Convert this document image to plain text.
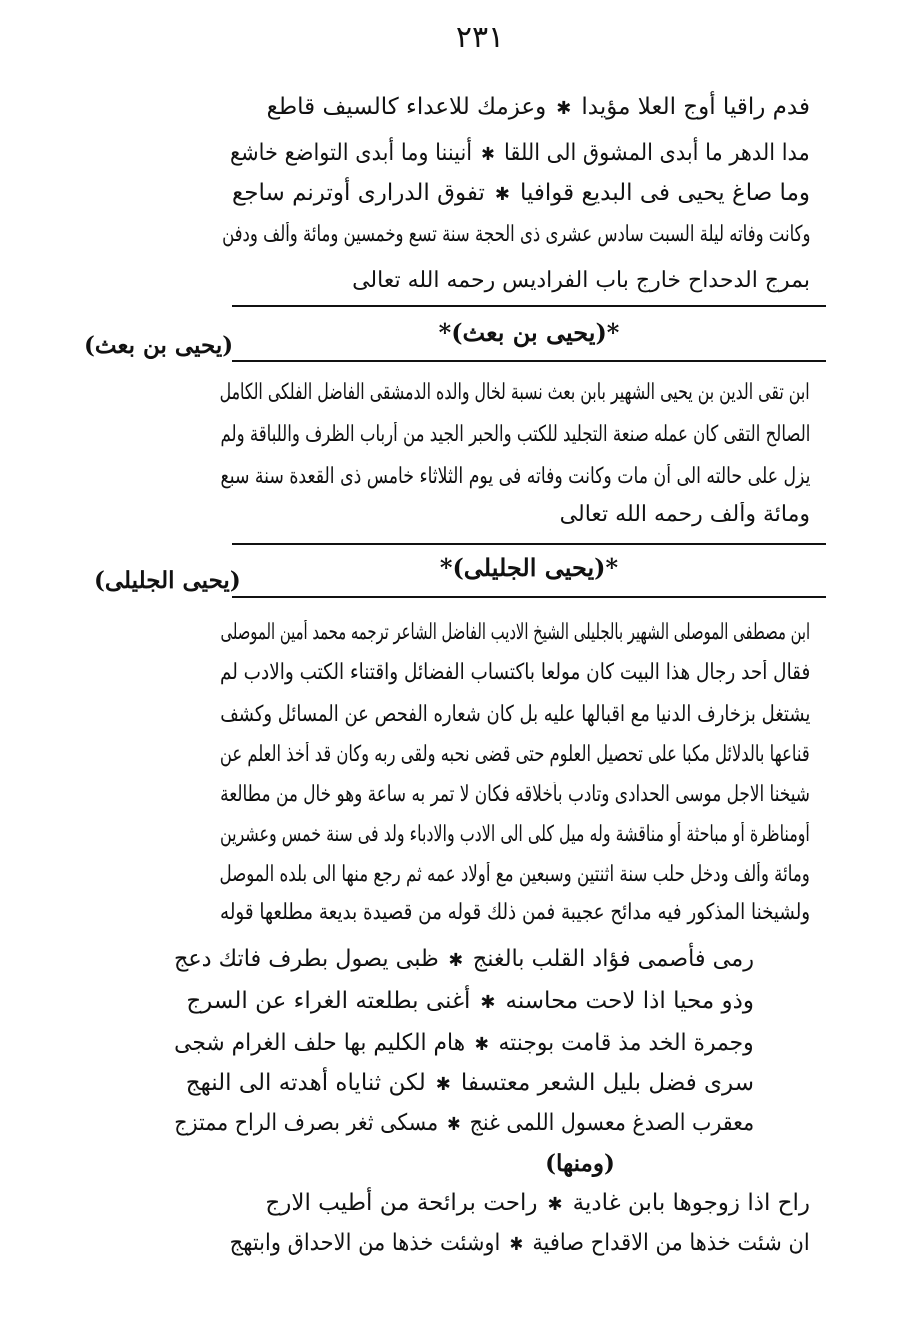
٢٣١
فدم راقيا أوج العلا مؤيدا
✱
وعزمك للاعداء كالسيف قاطع
مدا الدهر ما أبدى المشوق الى اللقا
✱
أنيننا وما أبدى التواضع خاشع
وما صاغ يحيى فى البديع قوافيا
✱
تفوق الدرارى أوترنم ساجع
وكانت وفاته ليلة السبت سادس عشرى ذى الحجة سنة تسع وخمسين ومائة وألف ودفن
بمرج الدحداح خارج باب الفراديس رحمه الله تعالى
*(يحيى بن بعث)*
(يحيى بن بعث)
ابن تقى الدين بن يحيى الشهير بابن بعث نسبة لخال والده الدمشقى الفاضل الفلكى الكامل
الصالح التقى كان عمله صنعة التجليد للكتب والحبر الجيد من أرباب الظرف واللباقة ولم
يزل على حالته الى أن مات وكانت وفاته فى يوم الثلاثاء خامس ذى القعدة سنة سبع
ومائة وألف رحمه الله تعالى
*(يحيى الجليلى)*
(يحيى الجليلى)
ابن مصطفى الموصلى الشهير بالجليلى الشيخ الاديب الفاضل الشاعر ترجمه محمد أمين الموصلى
فقال أحد رجال هذا البيت كان مولعا باكتساب الفضائل واقتناء الكتب والادب لم
يشتغل بزخارف الدنيا مع اقبالها عليه بل كان شعاره الفحص عن المسائل وكشف
قناعها بالدلائل مكبا على تحصيل العلوم حتى قضى نحبه ولقى ربه وكان قد أخذ العلم عن
شيخنا الاجل موسى الحدادى وتادب بأخلاقه فكان لا تمر به ساعة وهو خال من مطالعة
أومناظرة أو مباحثة أو مناقشة وله ميل كلى الى الادب والادباء ولد فى سنة خمس وعشرين
ومائة وألف ودخل حلب سنة اثنتين وسبعين مع أولاد عمه ثم رجع منها الى بلده الموصل
ولشيخنا المذكور فيه مدائح عجيبة فمن ذلك قوله من قصيدة بديعة مطلعها قوله
رمى فأصمى فؤاد القلب بالغنج
✱
ظبى يصول بطرف فاتك دعج
وذو محيا اذا لاحت محاسنه
✱
أغنى بطلعته الغراء عن السرج
وجمرة الخد مذ قامت بوجنته
✱
هام الكليم بها حلف الغرام شجى
سرى فضل بليل الشعر معتسفا
✱
لكن ثناياه أهدته الى النهج
معقرب الصدغ معسول اللمى غنج
✱
مسكى ثغر بصرف الراح ممتزج
(ومنها)
راح اذا زوجوها بابن غادية
✱
راحت برائحة من أطيب الارج
ان شئت خذها من الاقداح صافية
✱
اوشئت خذها من الاحداق وابتهج
